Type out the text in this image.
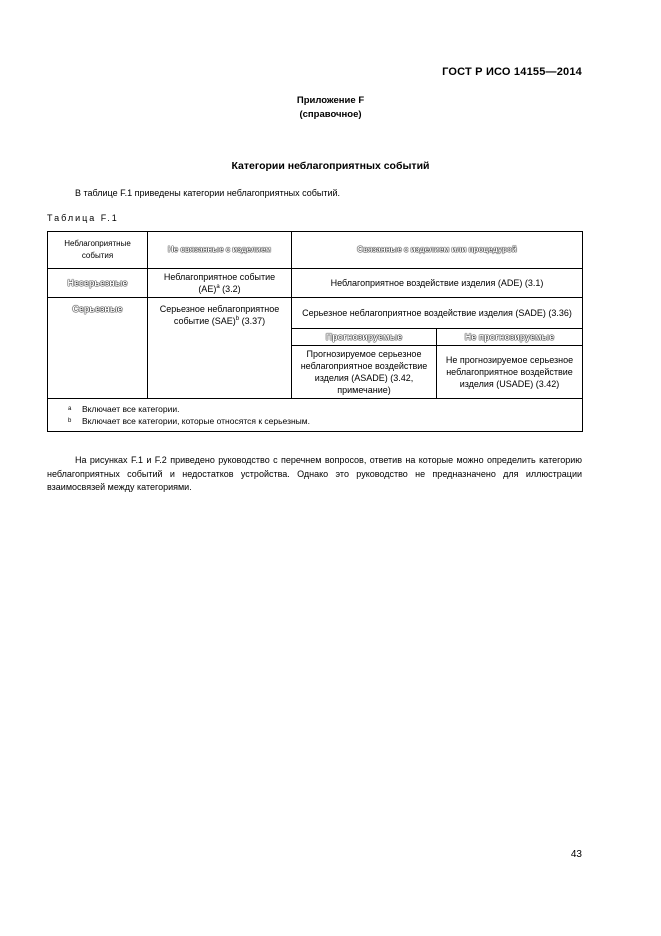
ГОСТ Р ИСО 14155—2014
Приложение F
(справочное)
Категории неблагоприятных событий
В таблице F.1 приведены категории неблагоприятных событий.
Таблица F.1
Неблагоприятные события	Не связанные с изделием	Связанные с изделием или процедурой	
Несерьезные	Неблагоприятное событие (AE)$^a$ (3.2)	Неблагоприятное воздействие изделия (ADE) (3.1)	
Серьезные	Серьезное неблагоприятное событие (SAE)$^b$ (3.37)	Серьезное неблагоприятное воздействие изделия (SADE) (3.36)	
		Прогнозируемые	Не прогнозируемые
		Прогнозируемое серьезное неблагоприятное воздействие изделия (ASADE) (3.42, примечание)	Не прогнозируемое серьезное неблагоприятное воздействие изделия (USADE) (3.42)

a Включает все категории.
b Включает все категории, которые относятся к серьезным.			
На рисунках F.1 и F.2 приведено руководство с перечнем вопросов, ответив на которые можно определить категорию неблагоприятных событий и недостатков устройства. Однако это руководство не предназначено для иллюстрации взаимосвязей между категориями.
43
